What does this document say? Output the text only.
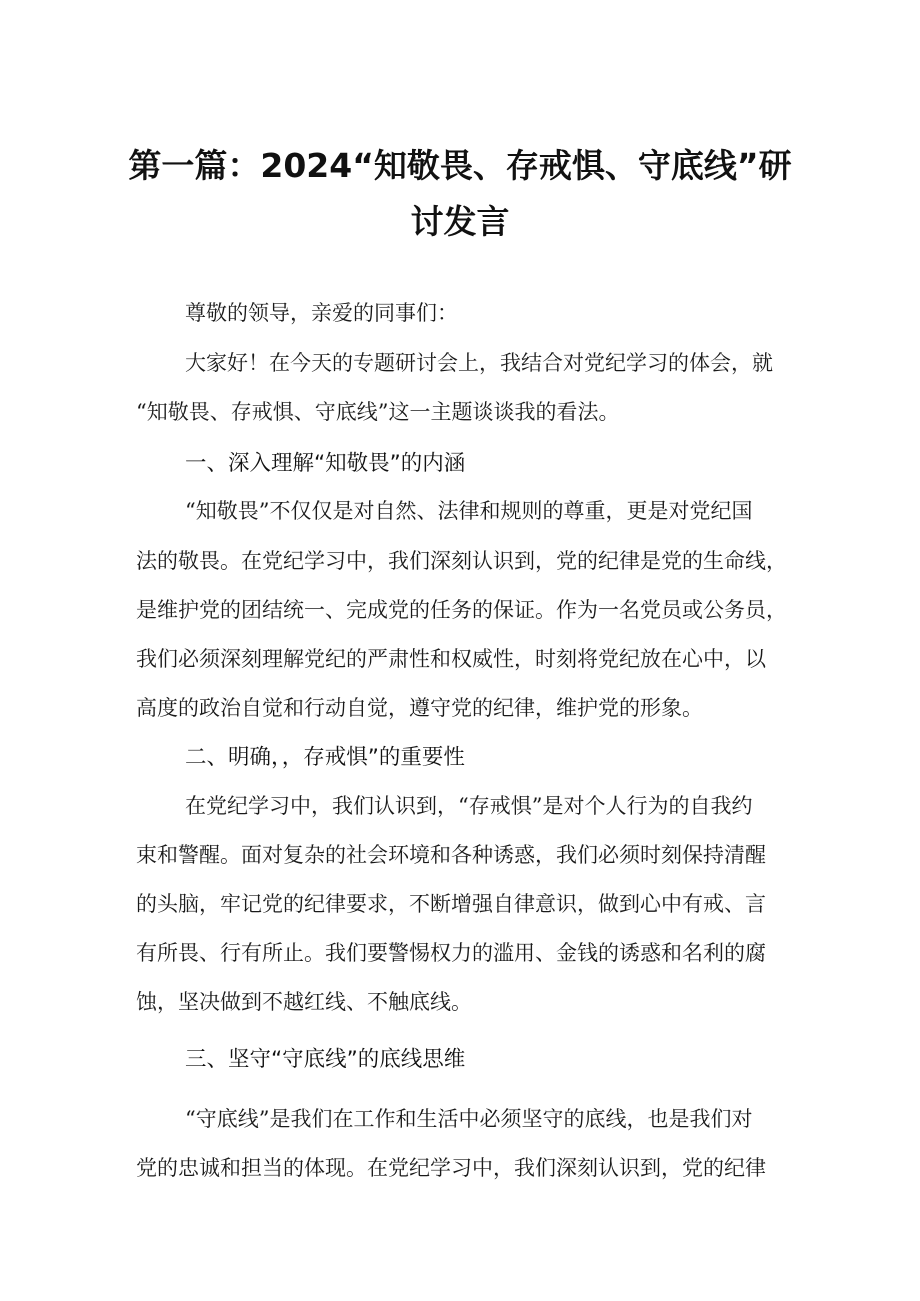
第一篇：2024“知敬畏、存戒惧、守底线”研
讨发言
尊敬的领导，亲爱的同事们：
大家好！在今天的专题研讨会上，我结合对党纪学习的体会，就
“知敬畏、存戒惧、守底线”这一主题谈谈我的看法。
一、深入理解“知敬畏”的内涵
“知敬畏”不仅仅是对自然、法律和规则的尊重，更是对党纪国
法的敬畏。在党纪学习中，我们深刻认识到，党的纪律是党的生命线，
是维护党的团结统一、完成党的任务的保证。作为一名党员或公务员，
我们必须深刻理解党纪的严肃性和权威性，时刻将党纪放在心中，以
高度的政治自觉和行动自觉，遵守党的纪律，维护党的形象。
二、明确，，存戒惧”的重要性
在党纪学习中，我们认识到，“存戒惧”是对个人行为的自我约
束和警醒。面对复杂的社会环境和各种诱惑，我们必须时刻保持清醒
的头脑，牢记党的纪律要求，不断增强自律意识，做到心中有戒、言
有所畏、行有所止。我们要警惕权力的滥用、金钱的诱惑和名利的腐
蚀，坚决做到不越红线、不触底线。
三、坚守“守底线”的底线思维
“守底线”是我们在工作和生活中必须坚守的底线，也是我们对
党的忠诚和担当的体现。在党纪学习中，我们深刻认识到，党的纪律
